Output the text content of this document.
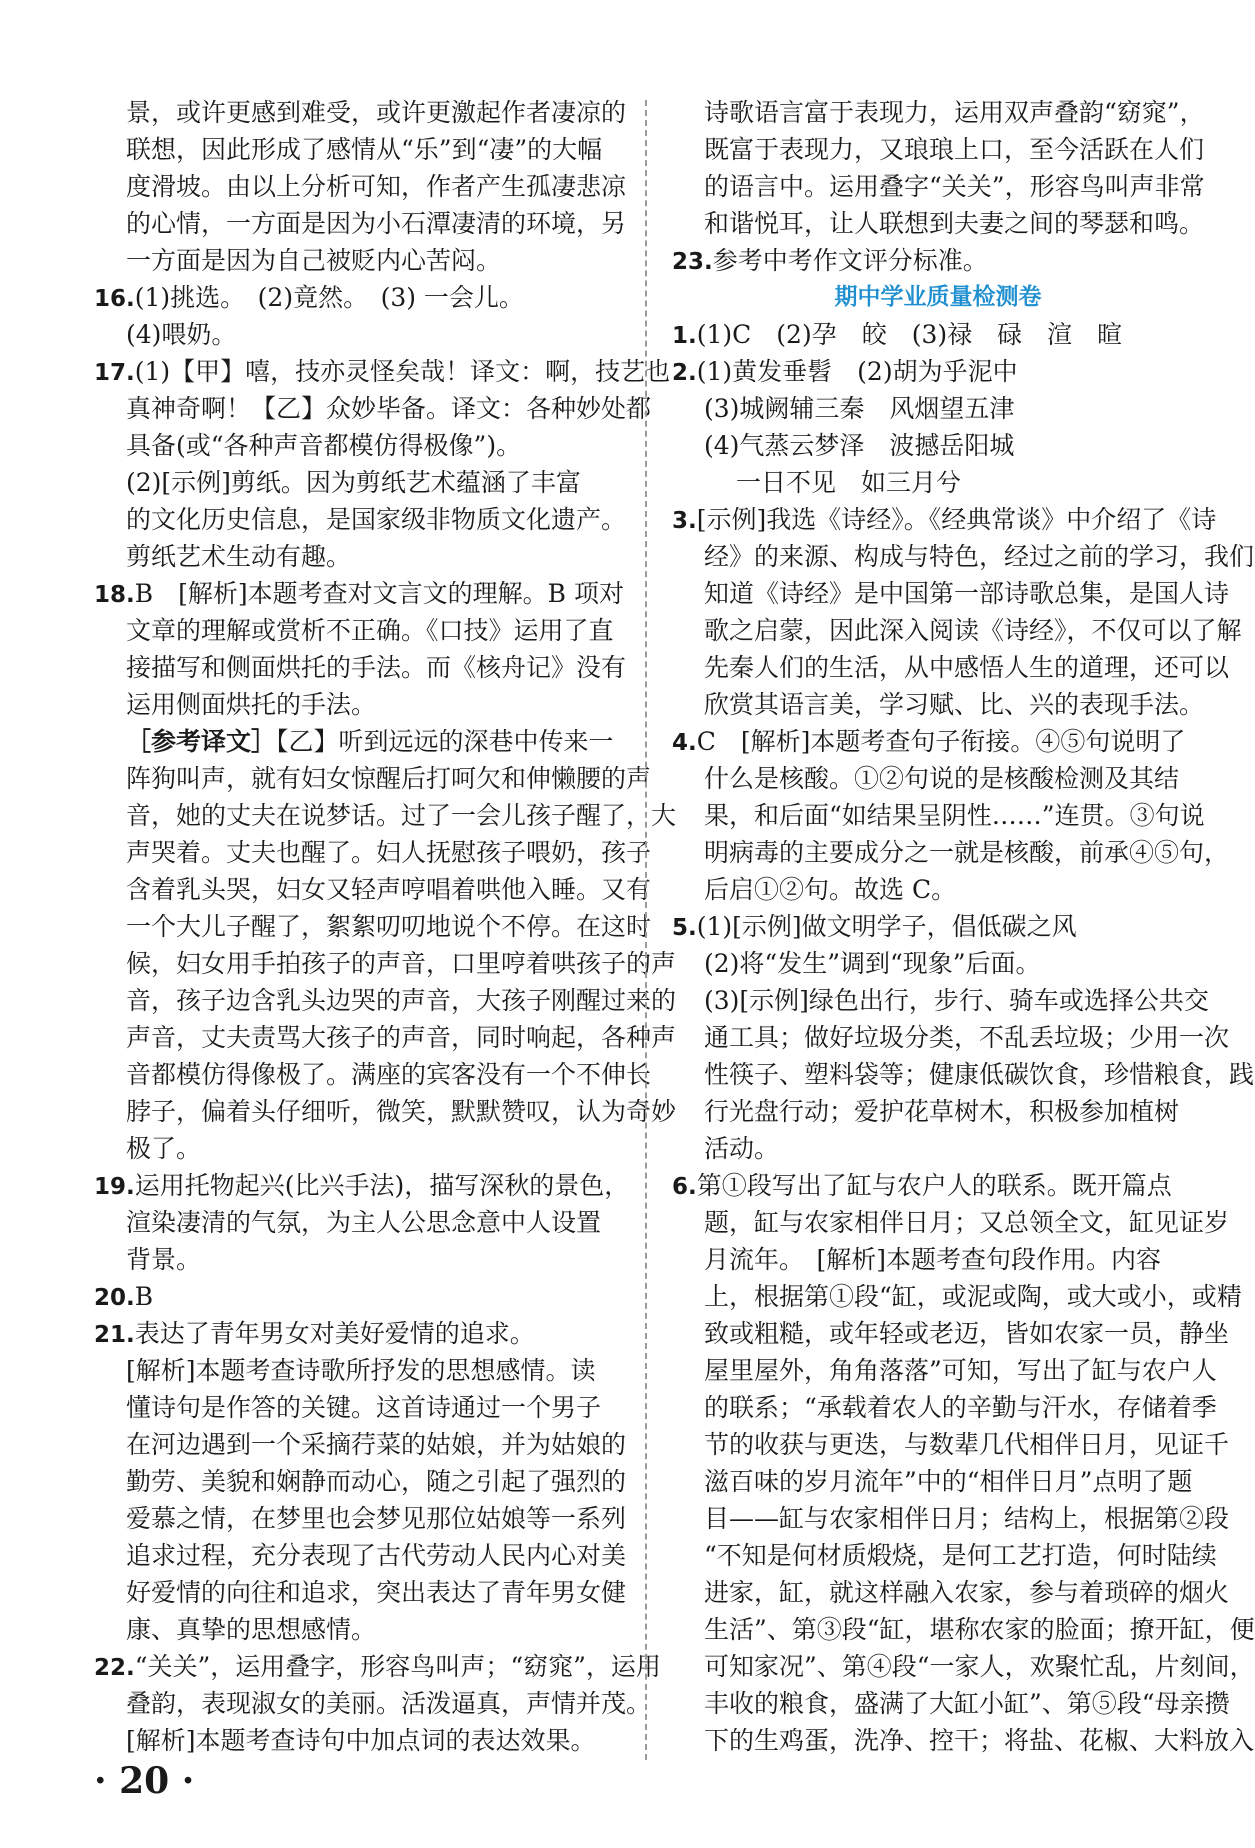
景，或许更感到难受，或许更激起作者凄凉的
联想，因此形成了感情从“乐”到“凄”的大幅
度滑坡。由以上分析可知，作者产生孤凄悲凉
的心情，一方面是因为小石潭凄清的环境，另
一方面是因为自己被贬内心苦闷。
16.(1)挑选。　(2)竟然。　(3) 一会儿。
(4)喂奶。
17.(1)【甲】嘻，技亦灵怪矣哉！译文：啊，技艺也
真神奇啊！【乙】众妙毕备。译文：各种妙处都
具备(或“各种声音都模仿得极像”)。
(2)[示例]剪纸。因为剪纸艺术蕴涵了丰富
的文化历史信息，是国家级非物质文化遗产。
剪纸艺术生动有趣。
18.B　[解析]本题考查对文言文的理解。B 项对
文章的理解或赏析不正确。《口技》运用了直
接描写和侧面烘托的手法。而《核舟记》没有
运用侧面烘托的手法。
［参考译文］【乙】听到远远的深巷中传来一
阵狗叫声，就有妇女惊醒后打呵欠和伸懒腰的声
音，她的丈夫在说梦话。过了一会儿孩子醒了，大
声哭着。丈夫也醒了。妇人抚慰孩子喂奶，孩子
含着乳头哭，妇女又轻声哼唱着哄他入睡。又有
一个大儿子醒了，絮絮叨叨地说个不停。在这时
候，妇女用手拍孩子的声音，口里哼着哄孩子的声
音，孩子边含乳头边哭的声音，大孩子刚醒过来的
声音，丈夫责骂大孩子的声音，同时响起，各种声
音都模仿得像极了。满座的宾客没有一个不伸长
脖子，偏着头仔细听，微笑，默默赞叹，认为奇妙
极了。
19.运用托物起兴(比兴手法)，描写深秋的景色，
渲染凄清的气氛，为主人公思念意中人设置
背景。
20.B
21.表达了青年男女对美好爱情的追求。
[解析]本题考查诗歌所抒发的思想感情。读
懂诗句是作答的关键。这首诗通过一个男子
在河边遇到一个采摘荇菜的姑娘，并为姑娘的
勤劳、美貌和娴静而动心，随之引起了强烈的
爱慕之情，在梦里也会梦见那位姑娘等一系列
追求过程，充分表现了古代劳动人民内心对美
好爱情的向往和追求，突出表达了青年男女健
康、真挚的思想感情。
22.“关关”，运用叠字，形容鸟叫声；“窈窕”，运用
叠韵，表现淑女的美丽。活泼逼真，声情并茂。
[解析]本题考查诗句中加点词的表达效果。
诗歌语言富于表现力，运用双声叠韵“窈窕”，
既富于表现力，又琅琅上口，至今活跃在人们
的语言中。运用叠字“关关”，形容鸟叫声非常
和谐悦耳，让人联想到夫妻之间的琴瑟和鸣。
23.参考中考作文评分标准。
期中学业质量检测卷
1.(1)C　(2)孕　皎　(3)禄　碌　渲　暄
2.(1)黄发垂髫　(2)胡为乎泥中
(3)城阙辅三秦　风烟望五津
(4)气蒸云梦泽　波撼岳阳城
一日不见　如三月兮
3.[示例]我选《诗经》。《经典常谈》中介绍了《诗
经》的来源、构成与特色，经过之前的学习，我们
知道《诗经》是中国第一部诗歌总集，是国人诗
歌之启蒙，因此深入阅读《诗经》，不仅可以了解
先秦人们的生活，从中感悟人生的道理，还可以
欣赏其语言美，学习赋、比、兴的表现手法。
4.C　[解析]本题考查句子衔接。④⑤句说明了
什么是核酸。①②句说的是核酸检测及其结
果，和后面“如结果呈阴性……”连贯。③句说
明病毒的主要成分之一就是核酸，前承④⑤句，
后启①②句。故选 C。
5.(1)[示例]做文明学子，倡低碳之风
(2)将“发生”调到“现象”后面。
(3)[示例]绿色出行，步行、骑车或选择公共交
通工具；做好垃圾分类，不乱丢垃圾；少用一次
性筷子、塑料袋等；健康低碳饮食，珍惜粮食，践
行光盘行动；爱护花草树木，积极参加植树
活动。
6.第①段写出了缸与农户人的联系。既开篇点
题，缸与农家相伴日月；又总领全文，缸见证岁
月流年。　[解析]本题考查句段作用。内容
上，根据第①段“缸，或泥或陶，或大或小，或精
致或粗糙，或年轻或老迈，皆如农家一员，静坐
屋里屋外，角角落落”可知，写出了缸与农户人
的联系；“承载着农人的辛勤与汗水，存储着季
节的收获与更迭，与数辈几代相伴日月，见证千
滋百味的岁月流年”中的“相伴日月”点明了题
目——缸与农家相伴日月；结构上，根据第②段
“不知是何材质煅烧，是何工艺打造，何时陆续
进家，缸，就这样融入农家，参与着琐碎的烟火
生活”、第③段“缸，堪称农家的脸面；撩开缸，便
可知家况”、第④段“一家人，欢聚忙乱，片刻间，
丰收的粮食，盛满了大缸小缸”、第⑤段“母亲攒
下的生鸡蛋，洗净、控干；将盐、花椒、大料放入
· 20 ·
